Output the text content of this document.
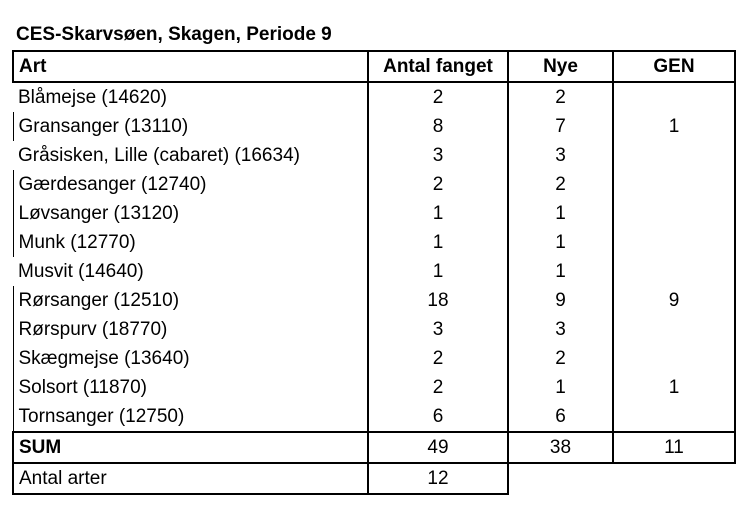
CES-Skarvsøen, Skagen, Periode 9
Art	Antal fanget	Nye	GEN
Blåmejse (14620)	2	2	
Gransanger (13110)	8	7	1
Gråsisken, Lille (cabaret) (16634)	3	3	
Gærdesanger (12740)	2	2	
Løvsanger (13120)	1	1	
Munk (12770)	1	1	
Musvit (14640)	1	1	
Rørsanger (12510)	18	9	9
Rørspurv (18770)	3	3	
Skægmejse (13640)	2	2	
Solsort (11870)	2	1	1
Tornsanger (12750)	6	6	
SUM	49	38	11
Antal arter	12		
